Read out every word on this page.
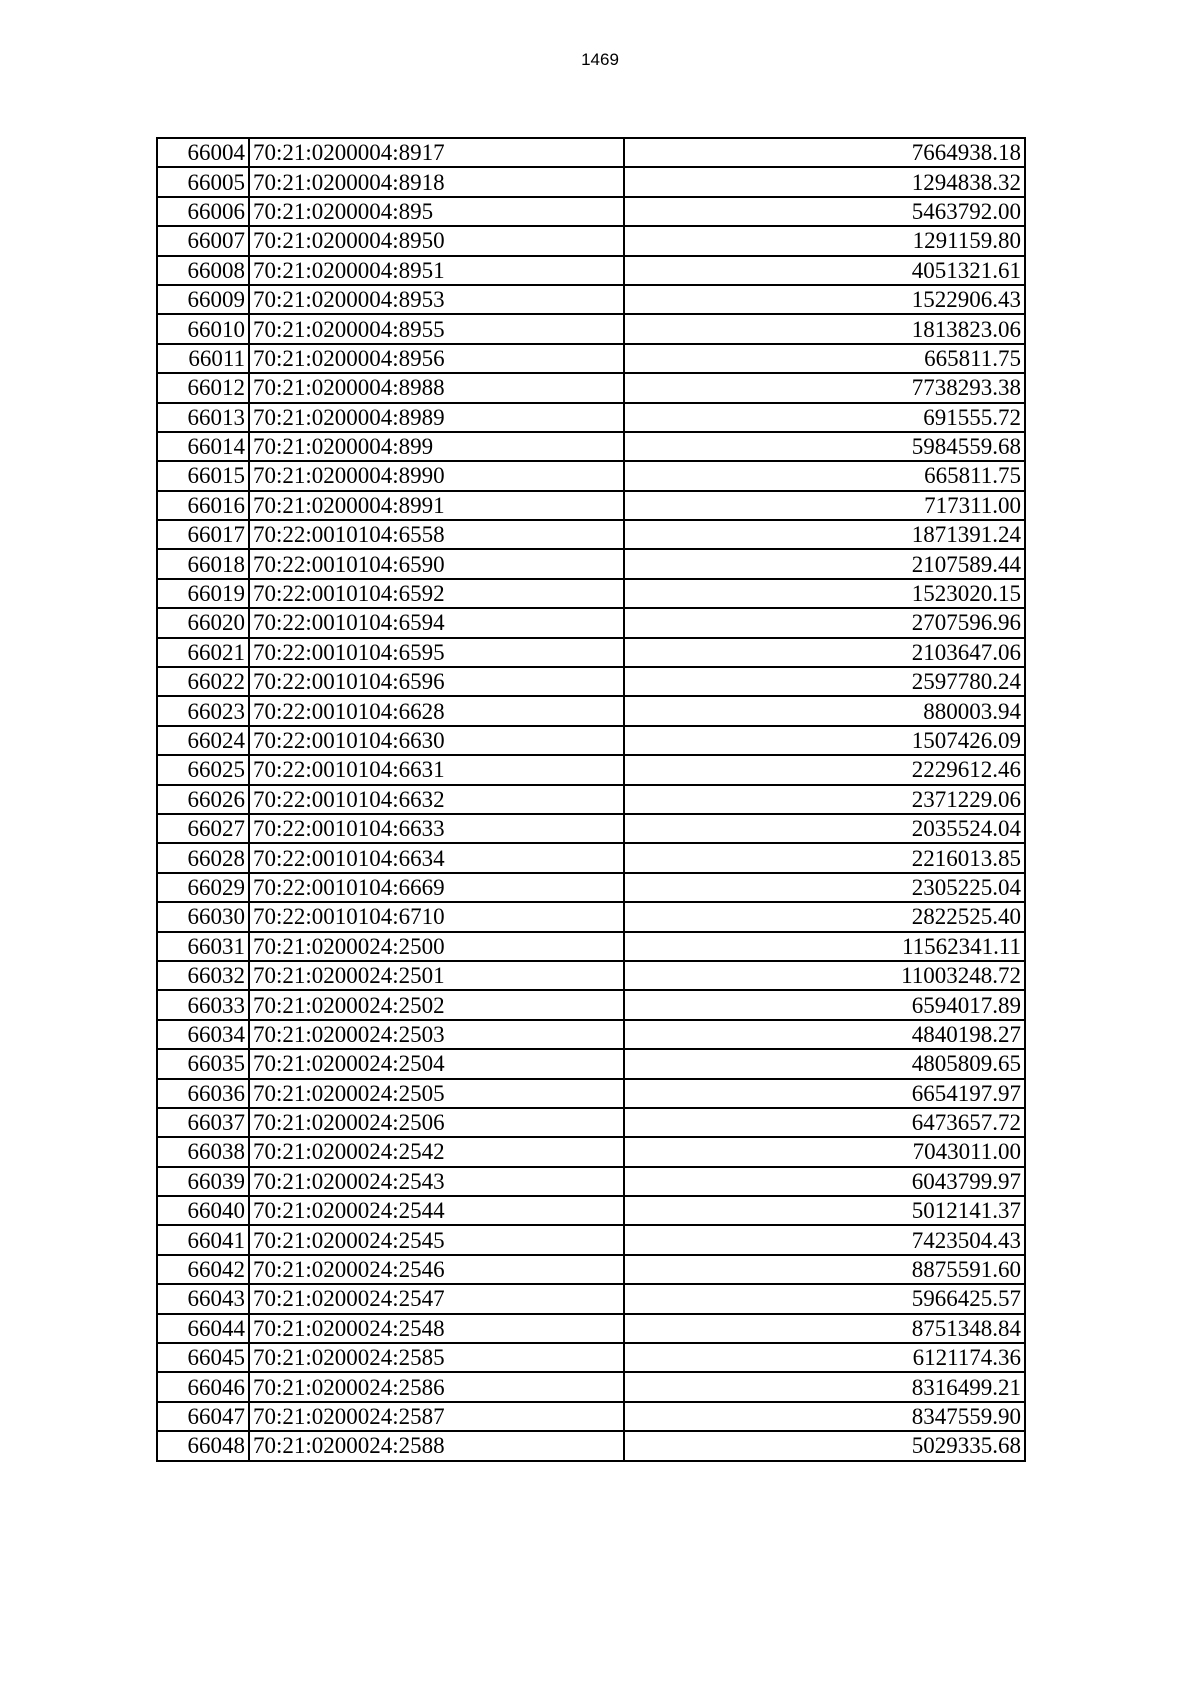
1469
66004	70:21:0200004:8917	7664938.18
66005	70:21:0200004:8918	1294838.32
66006	70:21:0200004:895	5463792.00
66007	70:21:0200004:8950	1291159.80
66008	70:21:0200004:8951	4051321.61
66009	70:21:0200004:8953	1522906.43
66010	70:21:0200004:8955	1813823.06
66011	70:21:0200004:8956	665811.75
66012	70:21:0200004:8988	7738293.38
66013	70:21:0200004:8989	691555.72
66014	70:21:0200004:899	5984559.68
66015	70:21:0200004:8990	665811.75
66016	70:21:0200004:8991	717311.00
66017	70:22:0010104:6558	1871391.24
66018	70:22:0010104:6590	2107589.44
66019	70:22:0010104:6592	1523020.15
66020	70:22:0010104:6594	2707596.96
66021	70:22:0010104:6595	2103647.06
66022	70:22:0010104:6596	2597780.24
66023	70:22:0010104:6628	880003.94
66024	70:22:0010104:6630	1507426.09
66025	70:22:0010104:6631	2229612.46
66026	70:22:0010104:6632	2371229.06
66027	70:22:0010104:6633	2035524.04
66028	70:22:0010104:6634	2216013.85
66029	70:22:0010104:6669	2305225.04
66030	70:22:0010104:6710	2822525.40
66031	70:21:0200024:2500	11562341.11
66032	70:21:0200024:2501	11003248.72
66033	70:21:0200024:2502	6594017.89
66034	70:21:0200024:2503	4840198.27
66035	70:21:0200024:2504	4805809.65
66036	70:21:0200024:2505	6654197.97
66037	70:21:0200024:2506	6473657.72
66038	70:21:0200024:2542	7043011.00
66039	70:21:0200024:2543	6043799.97
66040	70:21:0200024:2544	5012141.37
66041	70:21:0200024:2545	7423504.43
66042	70:21:0200024:2546	8875591.60
66043	70:21:0200024:2547	5966425.57
66044	70:21:0200024:2548	8751348.84
66045	70:21:0200024:2585	6121174.36
66046	70:21:0200024:2586	8316499.21
66047	70:21:0200024:2587	8347559.90
66048	70:21:0200024:2588	5029335.68
